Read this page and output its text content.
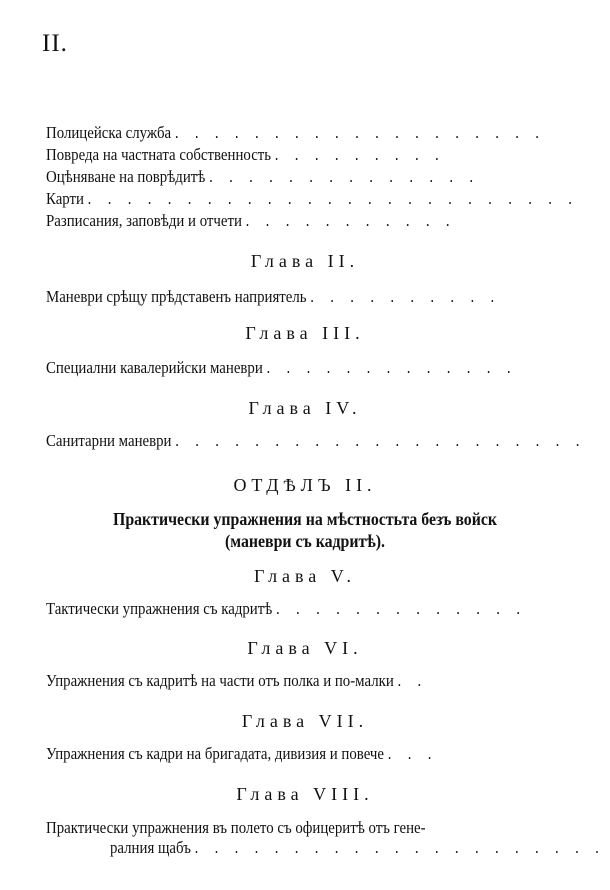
II.
Полицейска служба . . . . . . . . . . . . . . . . . . .
Повреда на частната собственность . . . . . . . . .
Оцѣняване на поврѣдитѣ . . . . . . . . . . . . . .
Карти . . . . . . . . . . . . . . . . . . . . . . . . .
Разписания, заповѣди и отчети . . . . . . . . . . .
Глава II.
Маневри срѣщу прѣдставенъ наприятель . . . . . . . . . .
Глава III.
Специални кавалерийски маневри . . . . . . . . . . . . .
Глава IV.
Санитарни маневри . . . . . . . . . . . . . . . . . . . . .
ОТДѢЛЪ II.
Практически упражнения на мѣстностьта безъ войск
(маневри съ кадритѣ).
Глава V.
Тактически упражнения съ кадритѣ . . . . . . . . . . . . .
Глава VI.
Упражнения съ кадритѣ на части отъ полка и по-малки . .
Глава VII.
Упражнения съ кадри на бригадата, дивизия и повече . . .
Глава VIII.
Практически упражнения въ полето съ офицеритѣ отъ гене-
ралния щабъ . . . . . . . . . . . . . . . . . . . . .
